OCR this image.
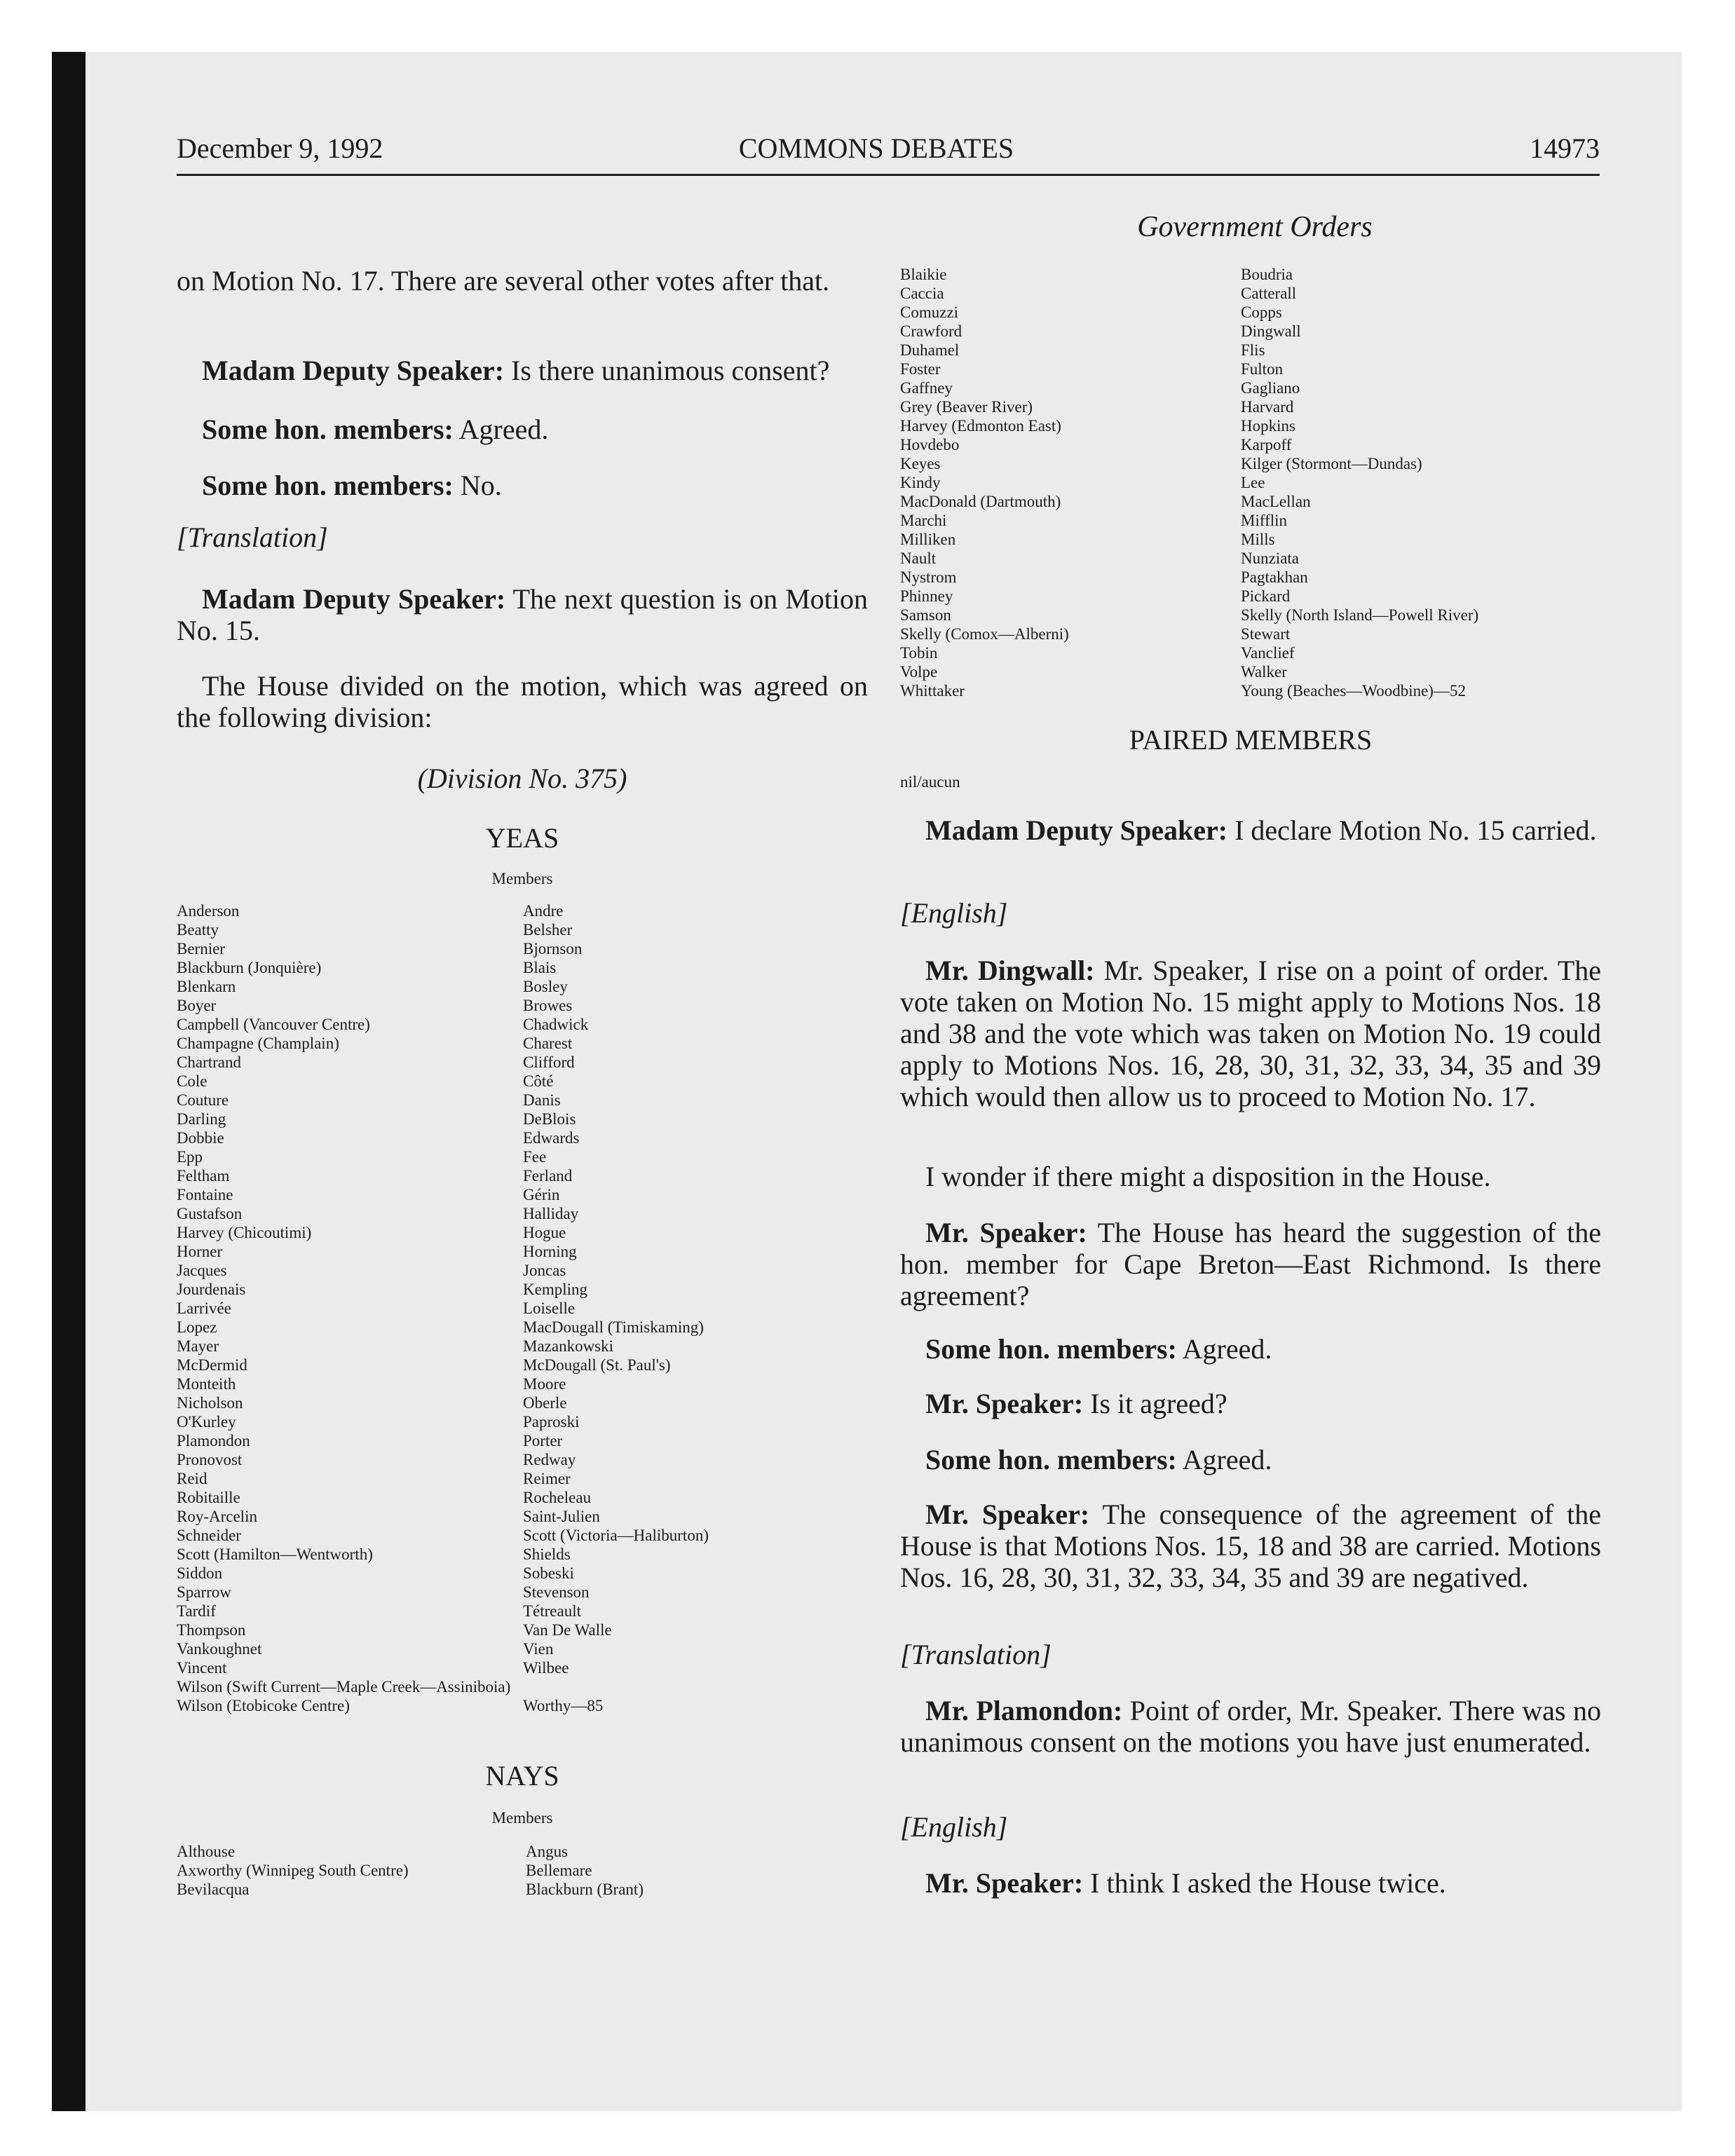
December 9, 1992	COMMONS DEBATES	14973
Government Orders

on Motion No. 17. There are several other votes after that.

Madam Deputy Speaker: Is there unanimous consent?

Some hon. members: Agreed.

Some hon. members: No.

[Translation]

Madam Deputy Speaker: The next question is on Motion No. 15.

The House divided on the motion, which was agreed on the following division:

(Division No. 375)
YEAS
Members
Anderson
Beatty
Bernier
Blackburn (Jonquière)
Blenkarn
Boyer
Campbell (Vancouver Centre)
Champagne (Champlain)
Chartrand
Cole
Couture
Darling
Dobbie
Epp
Feltham
Fontaine
Gustafson
Harvey (Chicoutimi)
Horner
Jacques
Jourdenais
Larrivée
Lopez
Mayer
McDermid
Monteith
Nicholson
O'Kurley
Plamondon
Pronovost
Reid
Robitaille
Roy-Arcelin
Schneider
Scott (Hamilton—Wentworth)
Siddon
Sparrow
Tardif
Thompson
Vankoughnet
Vincent
Wilson (Swift Current—Maple Creek—Assiniboia)
Wilson (Etobicoke Centre)
Andre
Belsher
Bjornson
Blais
Bosley
Browes
Chadwick
Charest
Clifford
Côté
Danis
DeBlois
Edwards
Fee
Ferland
Gérin
Halliday
Hogue
Horning
Joncas
Kempling
Loiselle
MacDougall (Timiskaming)
Mazankowski
McDougall (St. Paul's)
Moore
Oberle
Paproski
Porter
Redway
Reimer
Rocheleau
Saint-Julien
Scott (Victoria—Haliburton)
Shields
Sobeski
Stevenson
Tétreault
Van De Walle
Vien
Wilbee
Worthy—85
NAYS
Members
Althouse
Axworthy (Winnipeg South Centre)
Bevilacqua
Angus
Bellemare
Blackburn (Brant)
Blaikie
Caccia
Comuzzi
Crawford
Duhamel
Foster
Gaffney
Grey (Beaver River)
Harvey (Edmonton East)
Hovdebo
Keyes
Kindy
MacDonald (Dartmouth)
Marchi
Milliken
Nault
Nystrom
Phinney
Samson
Skelly (Comox—Alberni)
Tobin
Volpe
Whittaker
Boudria
Catterall
Copps
Dingwall
Flis
Fulton
Gagliano
Harvard
Hopkins
Karpoff
Kilger (Stormont—Dundas)
Lee
MacLellan
Mifflin
Mills
Nunziata
Pagtakhan
Pickard
Skelly (North Island—Powell River)
Stewart
Vanclief
Walker
Young (Beaches—Woodbine)—52
PAIRED MEMBERS
nil/aucun

Madam Deputy Speaker: I declare Motion No. 15 carried.

[English]

Mr. Dingwall: Mr. Speaker, I rise on a point of order. The vote taken on Motion No. 15 might apply to Motions Nos. 18 and 38 and the vote which was taken on Motion No. 19 could apply to Motions Nos. 16, 28, 30, 31, 32, 33, 34, 35 and 39 which would then allow us to proceed to Motion No. 17.

I wonder if there might a disposition in the House.

Mr. Speaker: The House has heard the suggestion of the hon. member for Cape Breton—East Richmond. Is there agreement?

Some hon. members: Agreed.

Mr. Speaker: Is it agreed?

Some hon. members: Agreed.

Mr. Speaker: The consequence of the agreement of the House is that Motions Nos. 15, 18 and 38 are carried. Motions Nos. 16, 28, 30, 31, 32, 33, 34, 35 and 39 are negatived.

[Translation]

Mr. Plamondon: Point of order, Mr. Speaker. There was no unanimous consent on the motions you have just enumerated.

[English]

Mr. Speaker: I think I asked the House twice.
